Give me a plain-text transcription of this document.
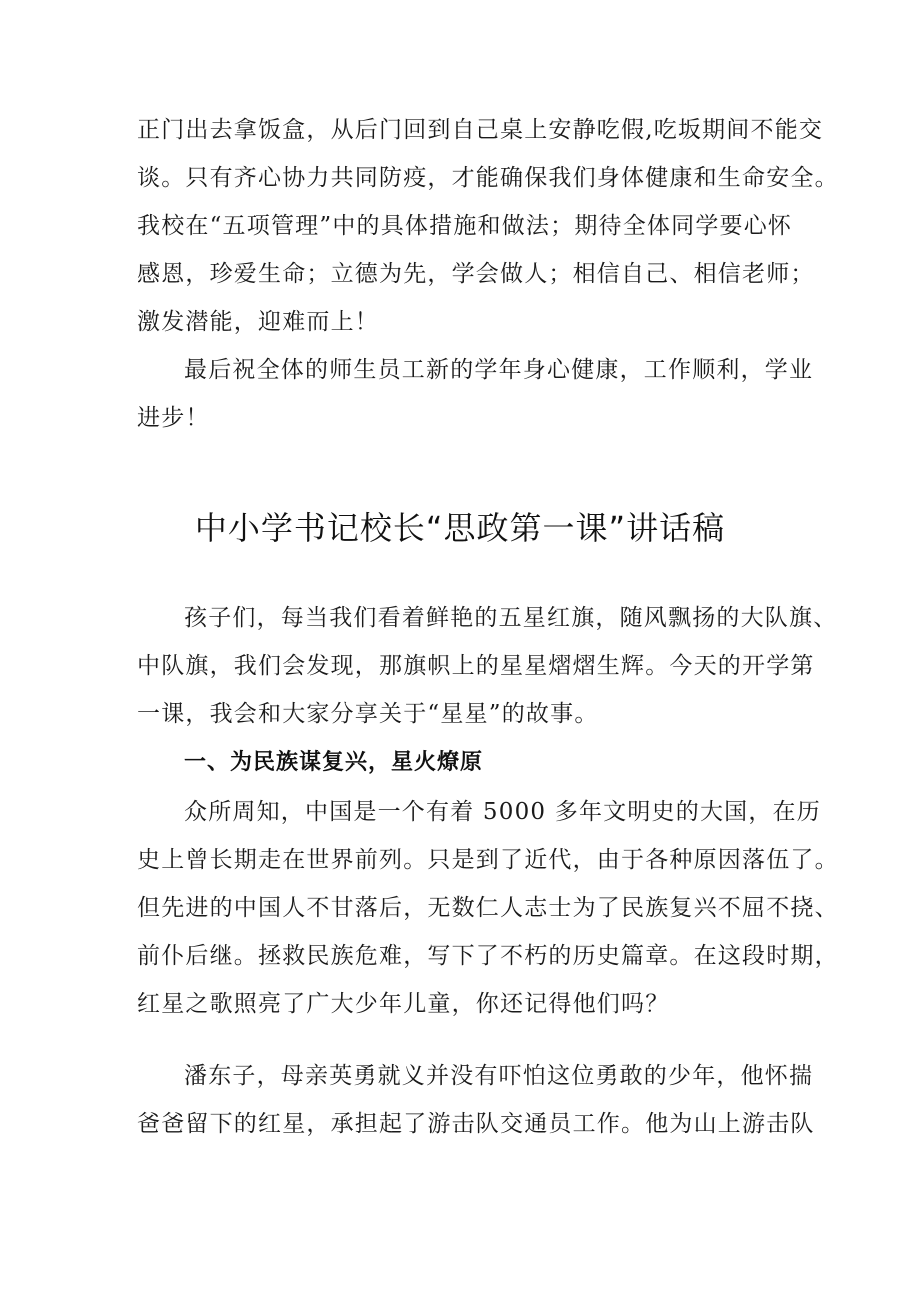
正门出去拿饭盒，从后门回到自己桌上安静吃假,吃坂期间不能交
谈。只有齐心协力共同防疫，才能确保我们身体健康和生命安全。
我校在“五项管理”中的具体措施和做法；期待全体同学要心怀
感恩，珍爱生命；立德为先，学会做人；相信自己、相信老师；
激发潜能，迎难而上！
最后祝全体的师生员工新的学年身心健康，工作顺利，学业
进步！
中小学书记校长“思政第一课”讲话稿
孩子们，每当我们看着鲜艳的五星红旗，随风飘扬的大队旗、
中队旗，我们会发现，那旗帜上的星星熠熠生辉。今天的开学第
一课，我会和大家分享关于“星星”的故事。
一、为民族谋复兴，星火燎原
众所周知，中国是一个有着 5000 多年文明史的大国，在历
史上曾长期走在世界前列。只是到了近代，由于各种原因落伍了。
但先进的中国人不甘落后，无数仁人志士为了民族复兴不屈不挠、
前仆后继。拯救民族危难，写下了不朽的历史篇章。在这段时期，
红星之歌照亮了广大少年儿童，你还记得他们吗？
潘东子，母亲英勇就义并没有吓怕这位勇敢的少年，他怀揣
爸爸留下的红星，承担起了游击队交通员工作。他为山上游击队
